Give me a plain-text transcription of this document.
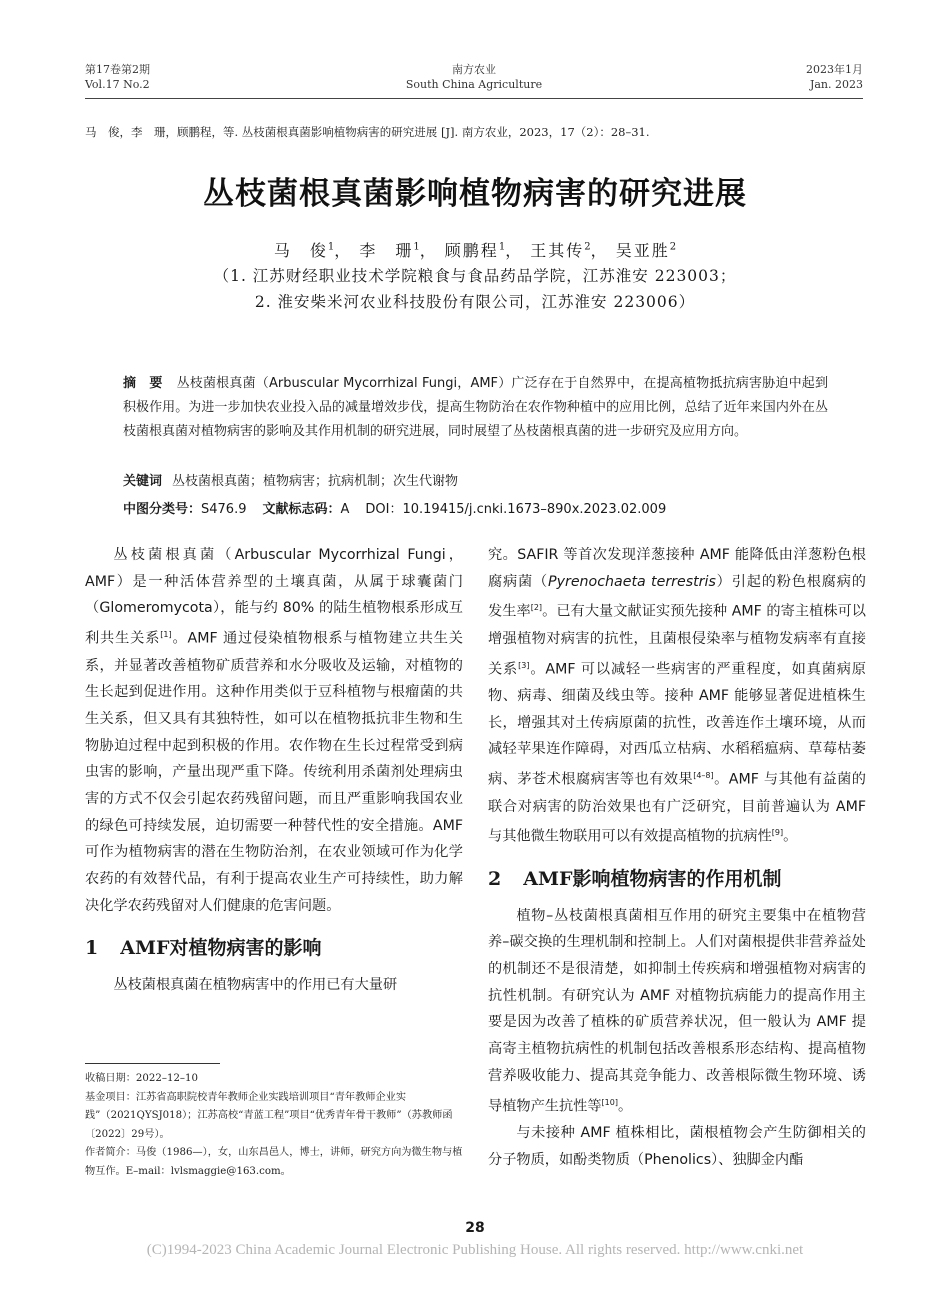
第17卷第2期
Vol.17 No.2
南方农业
South China Agriculture
2023年1月
Jan. 2023
马　俊，李　珊，顾鹏程，等. 丛枝菌根真菌影响植物病害的研究进展 [J]. 南方农业，2023，17（2）：28–31.
丛枝菌根真菌影响植物病害的研究进展
马　俊$^1$， 李　珊$^1$， 顾鹏程$^1$， 王其传$^2$， 吴亚胜$^2$
（1. 江苏财经职业技术学院粮食与食品药品学院，江苏淮安 223003；
2. 淮安柴米河农业科技股份有限公司，江苏淮安 223006）
摘　要 丛枝菌根真菌（Arbuscular Mycorrhizal Fungi，AMF）广泛存在于自然界中，在提高植物抵抗病害胁迫中起到积极作用。为进一步加快农业投入品的减量增效步伐，提高生物防治在农作物种植中的应用比例，总结了近年来国内外在丛枝菌根真菌对植物病害的影响及其作用机制的研究进展，同时展望了丛枝菌根真菌的进一步研究及应用方向。
关键词 丛枝菌根真菌；植物病害；抗病机制；次生代谢物
中图分类号：S476.9 文献标志码：A DOI：10.19415/j.cnki.1673–890x.2023.02.009

丛枝菌根真菌（Arbuscular Mycorrhizal Fungi，AMF）是一种活体营养型的土壤真菌，从属于球囊菌门（Glomeromycota），能与约 80% 的陆生植物根系形成互利共生关系[1]。AMF 通过侵染植物根系与植物建立共生关系，并显著改善植物矿质营养和水分吸收及运输，对植物的生长起到促进作用。这种作用类似于豆科植物与根瘤菌的共生关系，但又具有其独特性，如可以在植物抵抗非生物和生物胁迫过程中起到积极的作用。农作物在生长过程常受到病虫害的影响，产量出现严重下降。传统利用杀菌剂处理病虫害的方式不仅会引起农药残留问题，而且严重影响我国农业的绿色可持续发展，迫切需要一种替代性的安全措施。AMF 可作为植物病害的潜在生物防治剂，在农业领域可作为化学农药的有效替代品，有利于提高农业生产可持续性，助力解决化学农药残留对人们健康的危害问题。

1 AMF对植物病害的影响

丛枝菌根真菌在植物病害中的作用已有大量研

究。SAFIR 等首次发现洋葱接种 AMF 能降低由洋葱粉色根腐病菌（Pyrenochaeta terrestris）引起的粉色根腐病的发生率[2]。已有大量文献证实预先接种 AMF 的寄主植株可以增强植物对病害的抗性，且菌根侵染率与植物发病率有直接关系[3]。AMF 可以减轻一些病害的严重程度，如真菌病原物、病毒、细菌及线虫等。接种 AMF 能够显著促进植株生长，增强其对土传病原菌的抗性，改善连作土壤环境，从而减轻苹果连作障碍，对西瓜立枯病、水稻稻瘟病、草莓枯萎病、茅苍术根腐病害等也有效果[4–8]。AMF 与其他有益菌的联合对病害的防治效果也有广泛研究，目前普遍认为 AMF 与其他微生物联用可以有效提高植物的抗病性[9]。

2 AMF影响植物病害的作用机制

植物–丛枝菌根真菌相互作用的研究主要集中在植物营养–碳交换的生理机制和控制上。人们对菌根提供非营养益处的机制还不是很清楚，如抑制土传疾病和增强植物对病害的抗性机制。有研究认为 AMF 对植物抗病能力的提高作用主要是因为改善了植株的矿质营养状况，但一般认为 AMF 提高寄主植物抗病性的机制包括改善根系形态结构、提高植物营养吸收能力、提高其竞争能力、改善根际微生物环境、诱导植物产生抗性等[10]。

与未接种 AMF 植株相比，菌根植物会产生防御相关的分子物质，如酚类物质（Phenolics）、独脚金内酯

收稿日期：2022–12–10

基金项目：江苏省高职院校青年教师企业实践培训项目“青年教师企业实践”（2021QYSJ018）；江苏高校“青蓝工程”项目“优秀青年骨干教师”（苏教师函〔2022〕29号）。

作者简介：马俊（1986—），女，山东昌邑人，博士，讲师，研究方向为微生物与植物互作。E–mail：lvlsmaggie@163.com。

28
(C)1994-2023 China Academic Journal Electronic Publishing House. All rights reserved. http://www.cnki.net
